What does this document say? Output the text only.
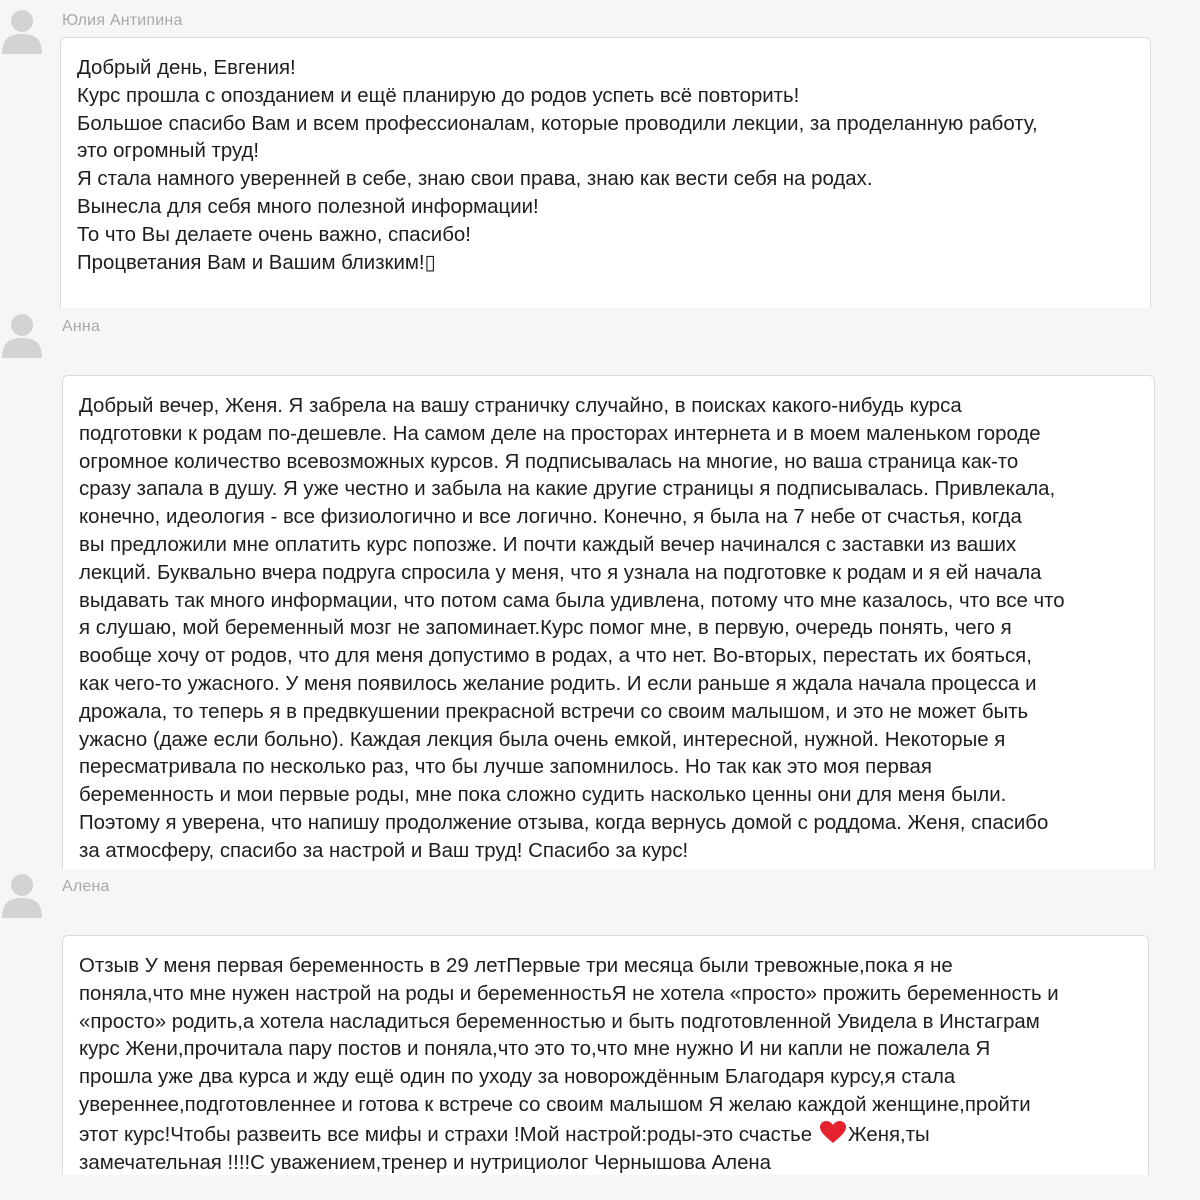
Юлия Антипина
Добрый день, Евгения!
Курс прошла с опозданием и ещё планирую до родов успеть всё повторить!
Большое спасибо Вам и всем профессионалам, которые проводили лекции, за проделанную работу,
это огромный труд!
Я стала намного уверенней в себе, знаю свои права, знаю как вести себя на родах.
Вынесла для себя много полезной информации!
То что Вы делаете очень важно, спасибо!
Процветания Вам и Вашим близким!▯
Анна
Добрый вечер, Женя. Я забрела на вашу страничку случайно, в поисках какого-нибудь курса
подготовки к родам по-дешевле. На самом деле на просторах интернета и в моем маленьком городе
огромное количество всевозможных курсов. Я подписывалась на многие, но ваша страница как-то
сразу запала в душу. Я уже честно и забыла на какие другие страницы я подписывалась. Привлекала,
конечно, идеология - все физиологично и все логично. Конечно, я была на 7 небе от счастья, когда
вы предложили мне оплатить курс попозже. И почти каждый вечер начинался с заставки из ваших
лекций. Буквально вчера подруга спросила у меня, что я узнала на подготовке к родам и я ей начала
выдавать так много информации, что потом сама была удивлена, потому что мне казалось, что все что
я слушаю, мой беременный мозг не запоминает.Курс помог мне, в первую, очередь понять, чего я
вообще хочу от родов, что для меня допустимо в родах, а что нет. Во-вторых, перестать их бояться,
как чего-то ужасного. У меня появилось желание родить. И если раньше я ждала начала процесса и
дрожала, то теперь я в предвкушении прекрасной встречи со своим малышом, и это не может быть
ужасно (даже если больно). Каждая лекция была очень емкой, интересной, нужной. Некоторые я
пересматривала по несколько раз, что бы лучше запомнилось. Но так как это моя первая
беременность и мои первые роды, мне пока сложно судить насколько ценны они для меня были.
Поэтому я уверена, что напишу продолжение отзыва, когда вернусь домой с роддома. Женя, спасибо
за атмосферу, спасибо за настрой и Ваш труд! Спасибо за курс!
Алена
Отзыв У меня первая беременность в 29 летПервые три месяца были тревожные,пока я не
поняла,что мне нужен настрой на роды и беременностьЯ не хотела «просто» прожить беременность и
«просто» родить,а хотела насладиться беременностью и быть подготовленной Увидела в Инстаграм
курс Жени,прочитала пару постов и поняла,что это то,что мне нужно И ни капли не пожалела Я
прошла уже два курса и жду ещё один по уходу за новорождённым Благодаря курсу,я стала
увереннее,подготовленнее и готова к встрече со своим малышом Я желаю каждой женщине,пройти
этот курс!Чтобы развеить все мифы и страхи !Мой настрой:роды-это счастье Женя,ты
замечательная !!!!С уважением,тренер и нутрициолог Чернышова Алена
